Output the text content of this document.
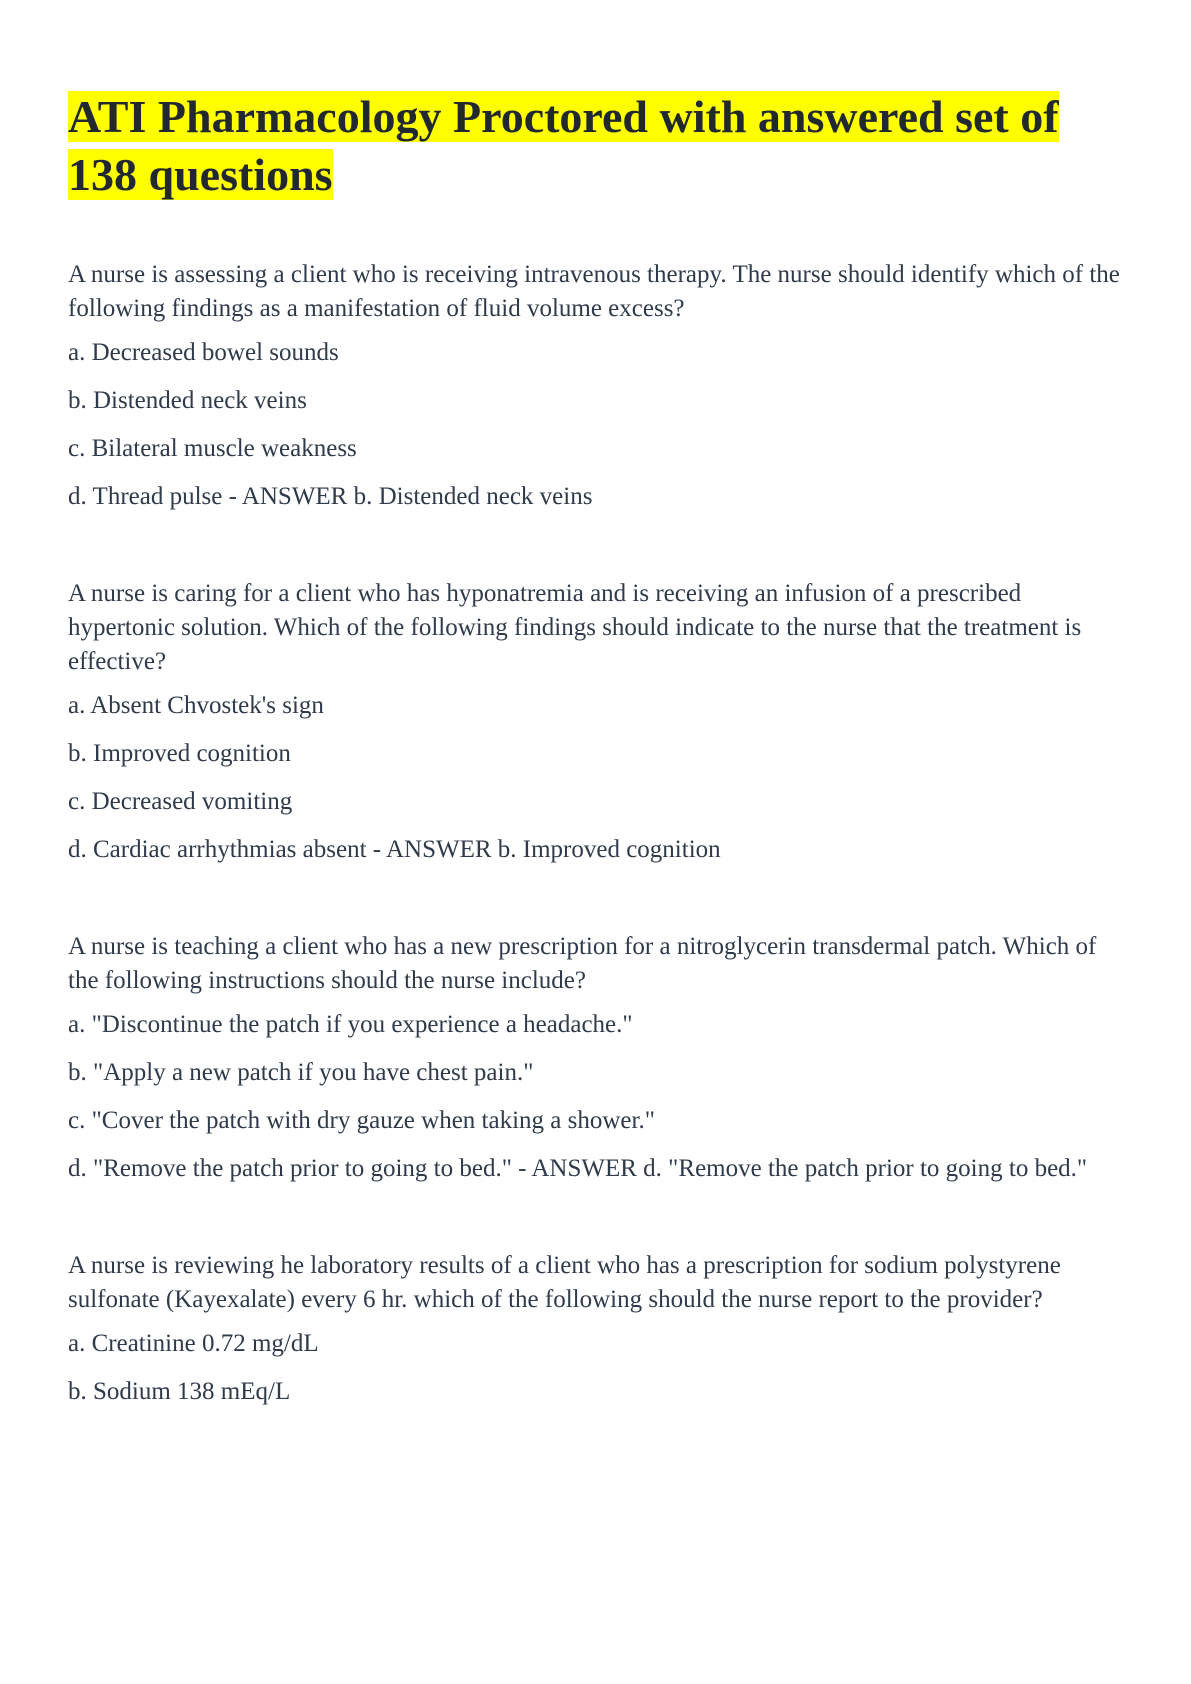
ATI Pharmacology Proctored with answered set of 138 questions

A nurse is assessing a client who is receiving intravenous therapy. The nurse should identify which of the following findings as a manifestation of fluid volume excess?

a. Decreased bowel sounds

b. Distended neck veins

c. Bilateral muscle weakness

d. Thread pulse - ANSWER b. Distended neck veins

A nurse is caring for a client who has hyponatremia and is receiving an infusion of a prescribed hypertonic solution. Which of the following findings should indicate to the nurse that the treatment is effective?

a. Absent Chvostek's sign

b. Improved cognition

c. Decreased vomiting

d. Cardiac arrhythmias absent - ANSWER b. Improved cognition

A nurse is teaching a client who has a new prescription for a nitroglycerin transdermal patch. Which of the following instructions should the nurse include?

a. "Discontinue the patch if you experience a headache."

b. "Apply a new patch if you have chest pain."

c. "Cover the patch with dry gauze when taking a shower."

d. "Remove the patch prior to going to bed." - ANSWER d. "Remove the patch prior to going to bed."

A nurse is reviewing he laboratory results of a client who has a prescription for sodium polystyrene sulfonate (Kayexalate) every 6 hr. which of the following should the nurse report to the provider?

a. Creatinine 0.72 mg/dL

b. Sodium 138 mEq/L
